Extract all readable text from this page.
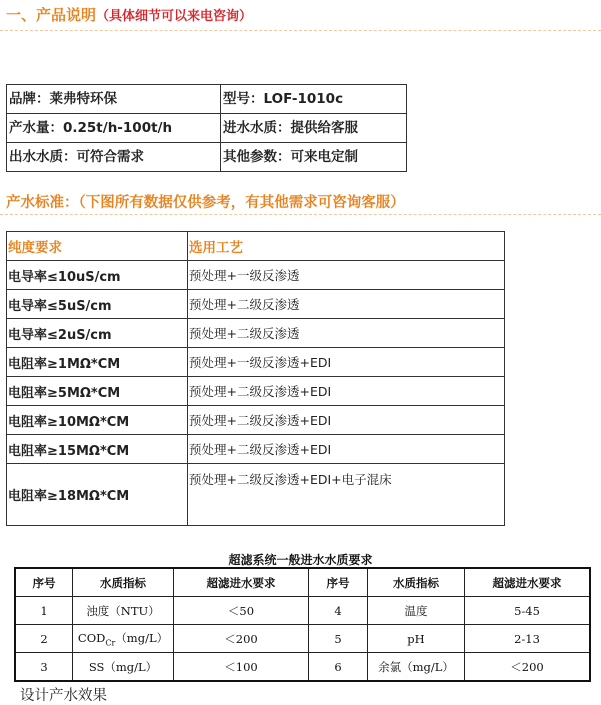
一、产品说明（具体细节可以来电咨询）
品牌：莱弗特环保	型号：LOF-1010c
产水量：0.25t/h-100t/h	进水水质：提供给客服
出水水质：可符合需求	其他参数：可来电定制
产水标准：（下图所有数据仅供参考，有其他需求可咨询客服）
纯度要求	选用工艺
电导率≤10uS/cm	预处理+一级反渗透
电导率≤5uS/cm	预处理+二级反渗透
电导率≤2uS/cm	预处理+二级反渗透
电阻率≥1MΩ*CM	预处理+一级反渗透+EDI
电阻率≥5MΩ*CM	预处理+二级反渗透+EDI
电阻率≥10MΩ*CM	预处理+二级反渗透+EDI
电阻率≥15MΩ*CM	预处理+二级反渗透+EDI
电阻率≥18MΩ*CM	预处理+二级反渗透+EDI+电子混床
超滤系统一般进水水质要求
序号	水质指标	超滤进水要求	序号	水质指标	超滤进水要求
1	浊度（NTU）	＜50	4	温度	5-45
2	$COD_{Cr}(mg/L)$	＜200	5	pH	2-13
3	SS（mg/L）	＜100	6	余氯（mg/L）	＜200
设计产水效果
